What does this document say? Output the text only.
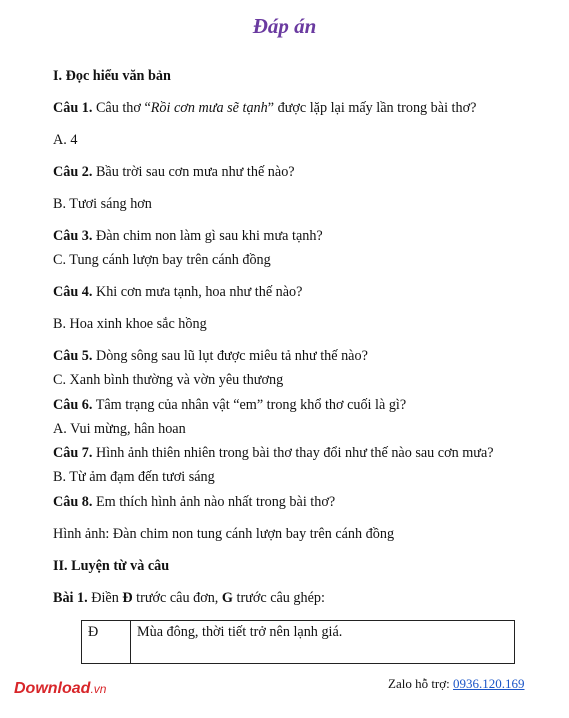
Đáp án
I. Đọc hiểu văn bản
Câu 1. Câu thơ “Rồi cơn mưa sẽ tạnh” được lặp lại mấy lần trong bài thơ?
A. 4
Câu 2. Bầu trời sau cơn mưa như thế nào?
B. Tươi sáng hơn
Câu 3. Đàn chim non làm gì sau khi mưa tạnh?
C. Tung cánh lượn bay trên cánh đồng
Câu 4. Khi cơn mưa tạnh, hoa như thế nào?
B. Hoa xinh khoe sắc hồng
Câu 5. Dòng sông sau lũ lụt được miêu tả như thế nào?
C. Xanh bình thường và vờn yêu thương
Câu 6. Tâm trạng của nhân vật “em” trong khổ thơ cuối là gì?
A. Vui mừng, hân hoan
Câu 7. Hình ảnh thiên nhiên trong bài thơ thay đổi như thế nào sau cơn mưa?
B. Từ ảm đạm đến tươi sáng
Câu 8. Em thích hình ảnh nào nhất trong bài thơ?
Hình ảnh: Đàn chim non tung cánh lượn bay trên cánh đồng
II. Luyện từ và câu
Bài 1. Điền Đ trước câu đơn, G trước câu ghép:
Đ	Mùa đông, thời tiết trở nên lạnh giá.
Download.vn	Zalo hỗ trợ: 0936.120.169
